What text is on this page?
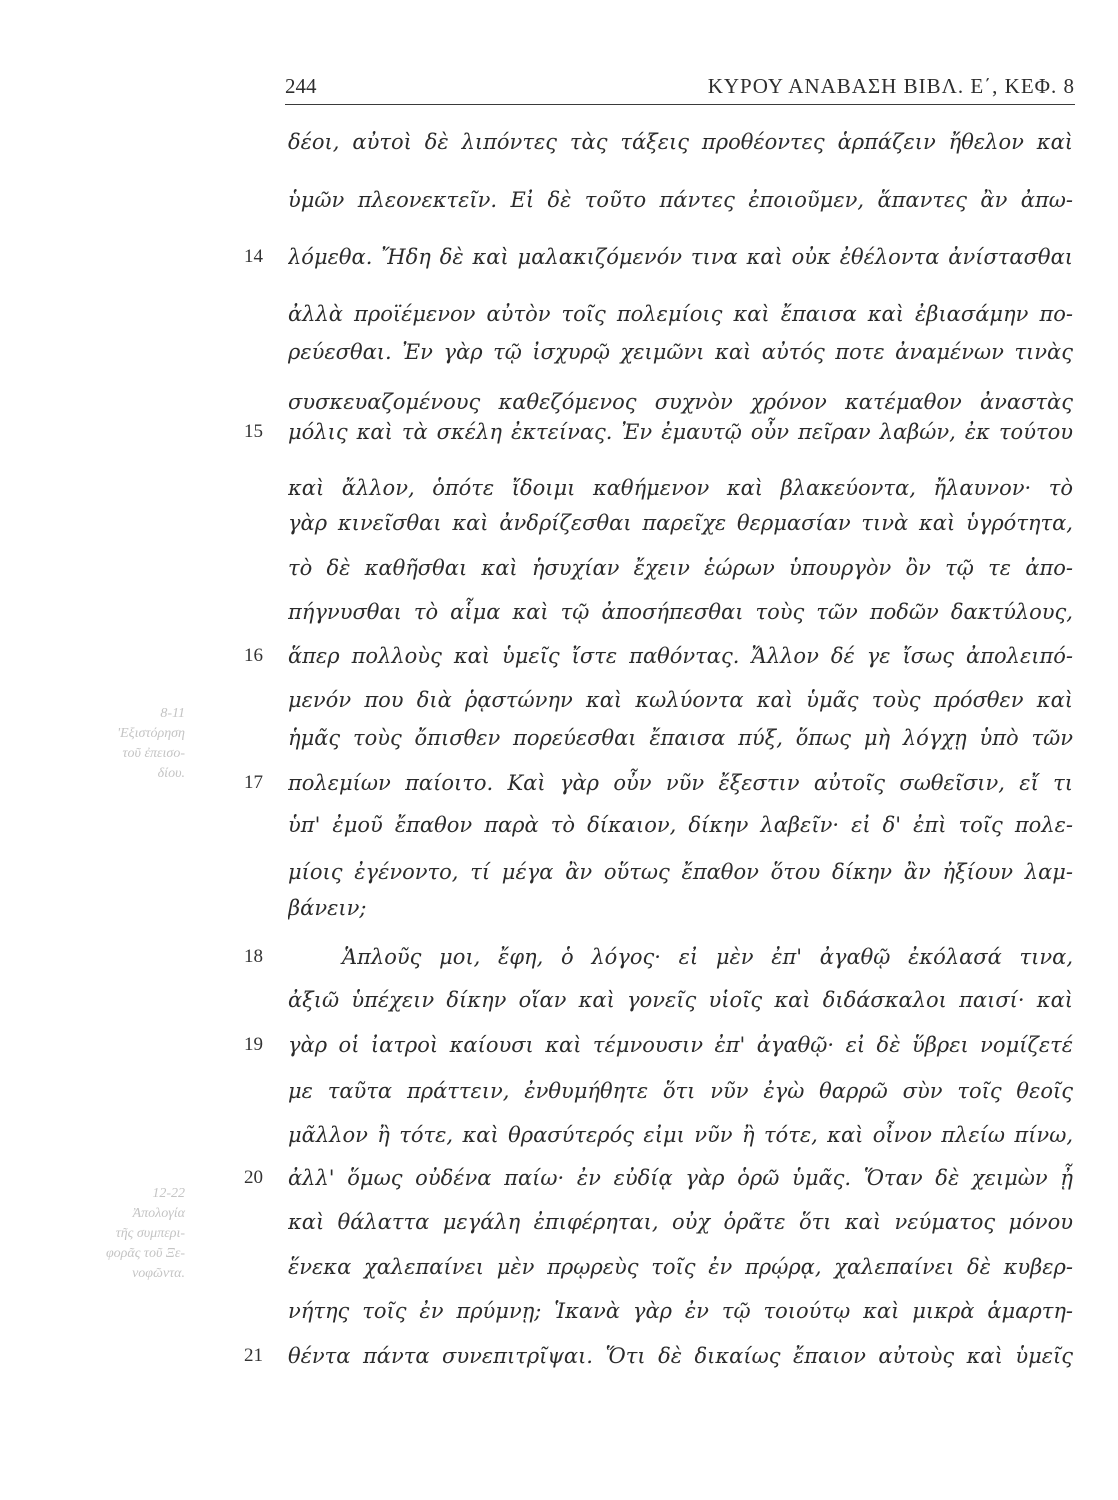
244	ΚΥΡΟΥ ΑΝΑΒΑΣΗ ΒΙΒΛ. Ε΄, ΚΕΦ. 8
δέοι, αὐτοὶ δὲ λιπόντες τὰς τάξεις προθέοντες ἁρπάζειν ἤθελον καὶ
ὑμῶν πλεονεκτεῖν. Εἰ δὲ τοῦτο πάντες ἐποιοῦμεν, ἅπαντες ἂν ἀπω-
λόμεθα. Ἤδη δὲ καὶ μαλακιζόμενόν τινα καὶ οὐκ ἐθέλοντα ἀνίστασθαι
ἀλλὰ προϊέμενον αὐτὸν τοῖς πολεμίοις καὶ ἔπαισα καὶ ἐβιασάμην πο-
ρεύεσθαι. Ἐν γὰρ τῷ ἰσχυρῷ χειμῶνι καὶ αὐτός ποτε ἀναμένων τινὰς
συσκευαζομένους καθεζόμενος συχνὸν χρόνον κατέμαθον ἀναστὰς
μόλις καὶ τὰ σκέλη ἐκτείνας. Ἐν ἐμαυτῷ οὖν πεῖραν λαβών, ἐκ τούτου
καὶ ἄλλον, ὁπότε ἴδοιμι καθήμενον καὶ βλακεύοντα, ἤλαυνον· τὸ
γὰρ κινεῖσθαι καὶ ἀνδρίζεσθαι παρεῖχε θερμασίαν τινὰ καὶ ὑγρότητα,
τὸ δὲ καθῆσθαι καὶ ἡσυχίαν ἔχειν ἑώρων ὑπουργὸν ὂν τῷ τε ἀπο-
πήγνυσθαι τὸ αἷμα καὶ τῷ ἀποσήπεσθαι τοὺς τῶν ποδῶν δακτύλους,
ἅπερ πολλοὺς καὶ ὑμεῖς ἴστε παθόντας. Ἄλλον δέ γε ἴσως ἀπολειπό-
μενόν που διὰ ῥᾳστώνην καὶ κωλύοντα καὶ ὑμᾶς τοὺς πρόσθεν καὶ
ἡμᾶς τοὺς ὄπισθεν πορεύεσθαι ἔπαισα πύξ, ὅπως μὴ λόγχῃ ὑπὸ τῶν
πολεμίων παίοιτο. Καὶ γὰρ οὖν νῦν ἔξεστιν αὐτοῖς σωθεῖσιν, εἴ τι
ὑπ' ἐμοῦ ἔπαθον παρὰ τὸ δίκαιον, δίκην λαβεῖν· εἰ δ' ἐπὶ τοῖς πολε-
μίοις ἐγένοντο, τί μέγα ἂν οὕτως ἔπαθον ὅτου δίκην ἂν ἠξίουν λαμ-
βάνειν;
Ἁπλοῦς μοι, ἔφη, ὁ λόγος· εἰ μὲν ἐπ' ἀγαθῷ ἐκόλασά τινα,
ἀξιῶ ὑπέχειν δίκην οἵαν καὶ γονεῖς υἱοῖς καὶ διδάσκαλοι παισί· καὶ
γὰρ οἱ ἰατροὶ καίουσι καὶ τέμνουσιν ἐπ' ἀγαθῷ· εἰ δὲ ὕβρει νομίζετέ
με ταῦτα πράττειν, ἐνθυμήθητε ὅτι νῦν ἐγὼ θαρρῶ σὺν τοῖς θεοῖς
μᾶλλον ἢ τότε, καὶ θρασύτερός εἰμι νῦν ἢ τότε, καὶ οἶνον πλείω πίνω,
ἀλλ' ὅμως οὐδένα παίω· ἐν εὐδίᾳ γὰρ ὁρῶ ὑμᾶς. Ὅταν δὲ χειμὼν ᾖ
καὶ θάλαττα μεγάλη ἐπιφέρηται, οὐχ ὁρᾶτε ὅτι καὶ νεύματος μόνου
ἕνεκα χαλεπαίνει μὲν πρῳρεὺς τοῖς ἐν πρῴρᾳ, χαλεπαίνει δὲ κυβερ-
νήτης τοῖς ἐν πρύμνῃ; Ἱκανὰ γὰρ ἐν τῷ τοιούτῳ καὶ μικρὰ ἁμαρτη-
θέντα πάντα συνεπιτρῖψαι. Ὅτι δὲ δικαίως ἔπαιον αὐτοὺς καὶ ὑμεῖς
14
15
16
17
18
19
20
21
8-11
'Εξιστόρηση
τοῦ ἐπεισο-
δίου.
12-22
Ἀπολογία
τῆς συμπερι-
φορᾶς τοῦ Ξε-
νοφῶντα.
